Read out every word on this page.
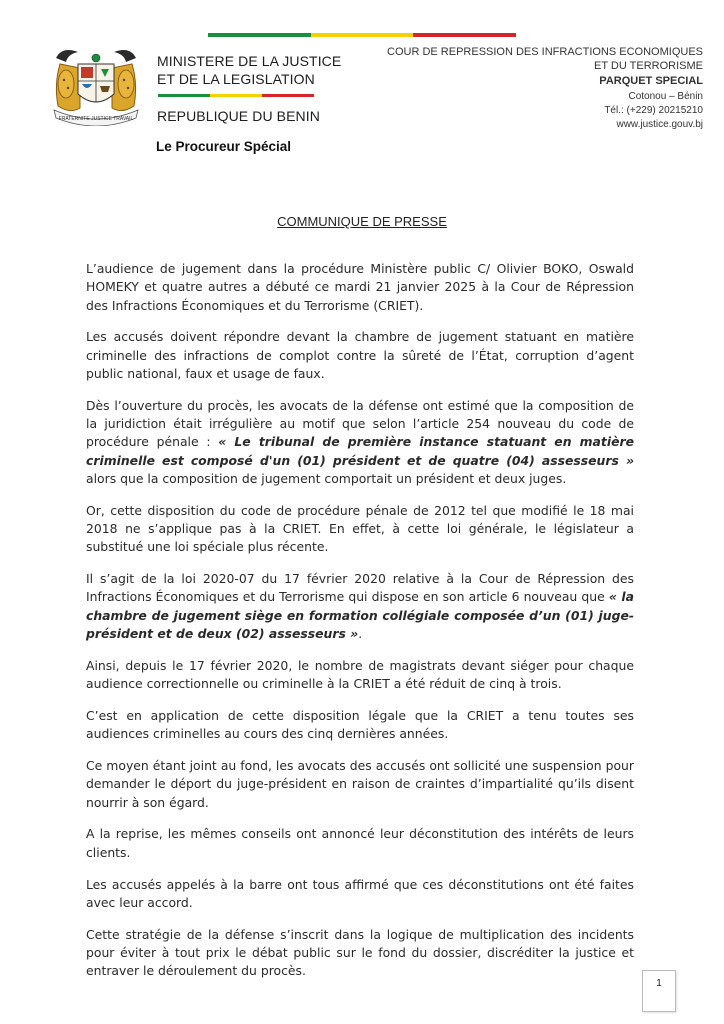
FRATERNITE JUSTICE TRAVAIL
MINISTERE DE LA JUSTICE
ET DE LA LEGISLATION
REPUBLIQUE DU BENIN
Le Procureur Spécial
COUR DE REPRESSION DES INFRACTIONS ECONOMIQUES
ET DU TERRORISME
PARQUET SPECIAL
Cotonou – Bénin
Tél.: (+229) 20215210
www.justice.gouv.bj
COMMUNIQUE DE PRESSE

L’audience de jugement dans la procédure Ministère public C/ Olivier BOKO, Oswald HOMEKY et quatre autres a débuté ce mardi 21 janvier 2025 à la Cour de Répression des Infractions Économiques et du Terrorisme (CRIET).

Les accusés doivent répondre devant la chambre de jugement statuant en matière criminelle des infractions de complot contre la sûreté de l’État, corruption d’agent public national, faux et usage de faux.

Dès l’ouverture du procès, les avocats de la défense ont estimé que la composition de la juridiction était irrégulière au motif que selon l’article 254 nouveau du code de procédure pénale : « Le tribunal de première instance statuant en matière criminelle est composé d'un (01) président et de quatre (04) assesseurs » alors que la composition de jugement comportait un président et deux juges.

Or, cette disposition du code de procédure pénale de 2012 tel que modifié le 18 mai 2018 ne s’applique pas à la CRIET. En effet, à cette loi générale, le législateur a substitué une loi spéciale plus récente.

Il s’agit de la loi 2020-07 du 17 février 2020 relative à la Cour de Répression des Infractions Économiques et du Terrorisme qui dispose en son article 6 nouveau que « la chambre de jugement siège en formation collégiale composée d’un (01) juge-président et de deux (02) assesseurs ».

Ainsi, depuis le 17 février 2020, le nombre de magistrats devant siéger pour chaque audience correctionnelle ou criminelle à la CRIET a été réduit de cinq à trois.

C’est en application de cette disposition légale que la CRIET a tenu toutes ses audiences criminelles au cours des cinq dernières années.

Ce moyen étant joint au fond, les avocats des accusés ont sollicité une suspension pour demander le déport du juge-président en raison de craintes d’impartialité qu’ils disent nourrir à son égard.

A la reprise, les mêmes conseils ont annoncé leur déconstitution des intérêts de leurs clients.

Les accusés appelés à la barre ont tous affirmé que ces déconstitutions ont été faites avec leur accord.

Cette stratégie de la défense s’inscrit dans la logique de multiplication des incidents pour éviter à tout prix le débat public sur le fond du dossier, discréditer la justice et entraver le déroulement du procès.

1
